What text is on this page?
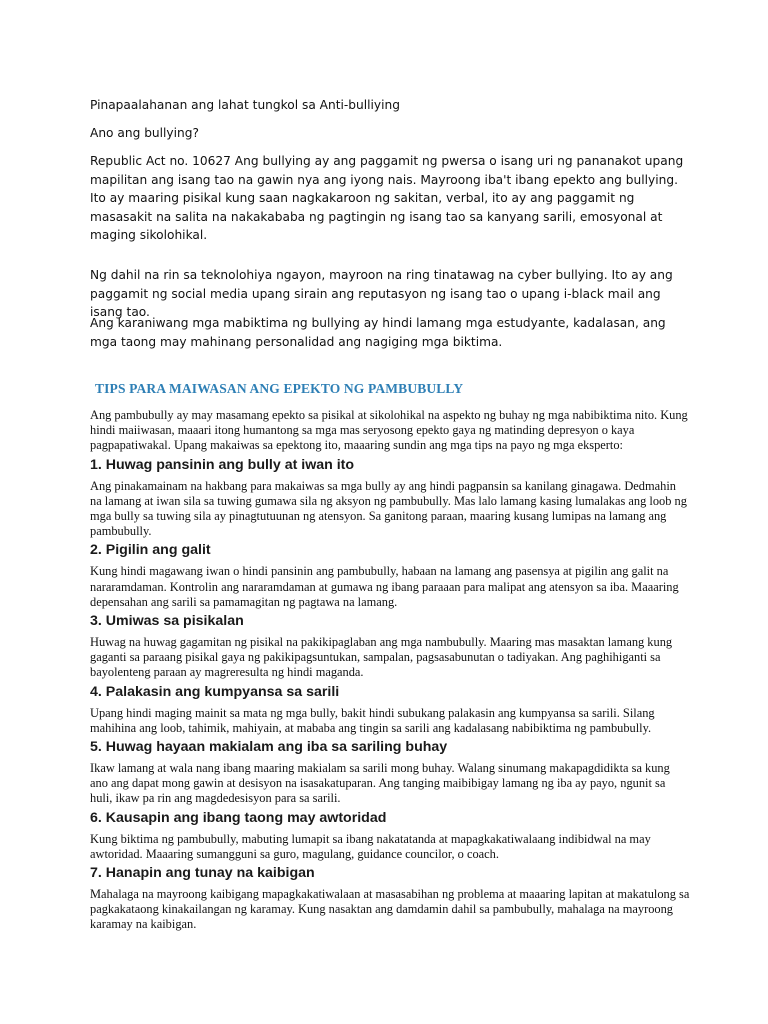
Pinapaalahanan ang lahat tungkol sa Anti-bulliying

Ano ang bullying?

Republic Act no. 10627 Ang bullying ay ang paggamit ng pwersa o isang uri ng pananakot upang mapilitan ang isang tao na gawin nya ang iyong nais. Mayroong iba't ibang epekto ang bullying. Ito ay maaring pisikal kung saan nagkakaroon ng sakitan, verbal, ito ay ang paggamit ng masasakit na salita na nakakababa ng pagtingin ng isang tao sa kanyang sarili, emosyonal at maging sikolohikal.

Ng dahil na rin sa teknolohiya ngayon, mayroon na ring tinatawag na cyber bullying. Ito ay ang paggamit ng social media upang sirain ang reputasyon ng isang tao o upang i-black mail ang isang tao.

Ang karaniwang mga mabiktima ng bullying ay hindi lamang mga estudyante, kadalasan, ang mga taong may mahinang personalidad ang nagiging mga biktima.

TIPS PARA MAIWASAN ANG EPEKTO NG PAMBUBULLY

Ang pambubully ay may masamang epekto sa pisikal at sikolohikal na aspekto ng buhay ng mga nabibiktima nito. Kung hindi maiiwasan, maaari itong humantong sa mga mas seryosong epekto gaya ng matinding depresyon o kaya pagpapatiwakal. Upang makaiwas sa epektong ito, maaaring sundin ang mga tips na payo ng mga eksperto:

1. Huwag pansinin ang bully at iwan ito

Ang pinakamainam na hakbang para makaiwas sa mga bully ay ang hindi pagpansin sa kanilang ginagawa. Dedmahin na lamang at iwan sila sa tuwing gumawa sila ng aksyon ng pambubully. Mas lalo lamang kasing lumalakas ang loob ng mga bully sa tuwing sila ay pinagtutuunan ng atensyon. Sa ganitong paraan, maaring kusang lumipas na lamang ang pambubully.

2. Pigilin ang galit

Kung hindi magawang iwan o hindi pansinin ang pambubully, habaan na lamang ang pasensya at pigilin ang galit na nararamdaman. Kontrolin ang nararamdaman at gumawa ng ibang paraaan para malipat ang atensyon sa iba. Maaaring depensahan ang sarili sa pamamagitan ng pagtawa na lamang.

3. Umiwas sa pisikalan

Huwag na huwag gagamitan ng pisikal na pakikipaglaban ang mga nambubully. Maaring mas masaktan lamang kung gaganti sa paraang pisikal gaya ng pakikipagsuntukan, sampalan, pagsasabunutan o tadiyakan. Ang paghihiganti sa bayolenteng paraan ay magreresulta ng hindi maganda.

4. Palakasin ang kumpyansa sa sarili

Upang hindi maging mainit sa mata ng mga bully, bakit hindi subukang palakasin ang kumpyansa sa sarili. Silang mahihina ang loob, tahimik, mahiyain, at mababa ang tingin sa sarili ang kadalasang nabibiktima ng pambubully.

5. Huwag hayaan makialam ang iba sa sariling buhay

Ikaw lamang at wala nang ibang maaring makialam sa sarili mong buhay. Walang sinumang makapagdidikta sa kung ano ang dapat mong gawin at desisyon na isasakatuparan. Ang tanging maibibigay lamang ng iba ay payo, ngunit sa huli, ikaw pa rin ang magdedesisyon para sa sarili.

6. Kausapin ang ibang taong may awtoridad

Kung biktima ng pambubully, mabuting lumapit sa ibang nakatatanda at mapagkakatiwalaang indibidwal na may awtoridad. Maaaring sumangguni sa guro, magulang, guidance councilor, o coach.

7. Hanapin ang tunay na kaibigan

Mahalaga na mayroong kaibigang mapagkakatiwalaan at masasabihan ng problema at maaaring lapitan at makatulong sa pagkakataong kinakailangan ng karamay. Kung nasaktan ang damdamin dahil sa pambubully, mahalaga na mayroong karamay na kaibigan.
